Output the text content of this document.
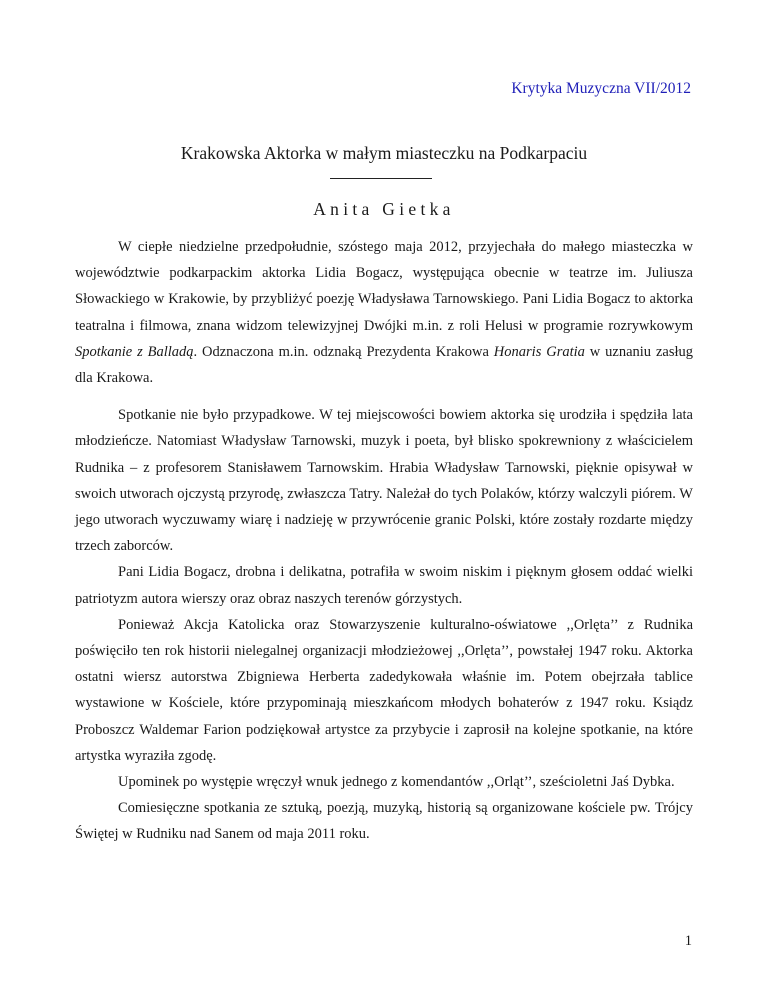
Krytyka Muzyczna VII/2012
Krakowska Aktorka w małym miasteczku na Podkarpaciu
Anita Gietka

W ciepłe niedzielne przedpołudnie, szóstego maja 2012, przyjechała do małego miasteczka w województwie podkarpackim aktorka Lidia Bogacz, występująca obecnie w teatrze im. Juliusza Słowackiego w Krakowie, by przybliżyć poezję Władysława Tarnowskiego. Pani Lidia Bogacz to aktorka teatralna i filmowa, znana widzom telewizyjnej Dwójki m.in. z roli Helusi w programie rozrywkowym Spotkanie z Balladą. Odznaczona m.in. odznaką Prezydenta Krakowa Honaris Gratia w uznaniu zasług dla Krakowa.

Spotkanie nie było przypadkowe. W tej miejscowości bowiem aktorka się urodziła i spędziła lata młodzieńcze. Natomiast Władysław Tarnowski, muzyk i poeta, był blisko spokrewniony z właścicielem Rudnika – z profesorem Stanisławem Tarnowskim. Hrabia Władysław Tarnowski, pięknie opisywał w swoich utworach ojczystą przyrodę, zwłaszcza Tatry. Należał do tych Polaków, którzy walczyli piórem. W jego utworach wyczuwamy wiarę i nadzieję w przywrócenie granic Polski, które zostały rozdarte między trzech zaborców.

Pani Lidia Bogacz, drobna i delikatna, potrafiła w swoim niskim i pięknym głosem oddać wielki patriotyzm autora wierszy oraz obraz naszych terenów górzystych.

Ponieważ Akcja Katolicka oraz Stowarzyszenie kulturalno-oświatowe ,,Orlęta’’ z Rudnika poświęciło ten rok historii nielegalnej organizacji młodzieżowej ,,Orlęta’’, powstałej 1947 roku. Aktorka ostatni wiersz autorstwa Zbigniewa Herberta zadedykowała właśnie im. Potem obejrzała tablice wystawione w Kościele, które przypominają mieszkańcom młodych bohaterów z 1947 roku. Ksiądz Proboszcz Waldemar Farion podziękował artystce za przybycie i zaprosił na kolejne spotkanie, na które artystka wyraziła zgodę.

Upominek po występie wręczył wnuk jednego z komendantów ,,Orląt’’, sześcioletni Jaś Dybka.

Comiesięczne spotkania ze sztuką, poezją, muzyką, historią są organizowane kościele pw. Trójcy Świętej w Rudniku nad Sanem od maja 2011 roku.

1
